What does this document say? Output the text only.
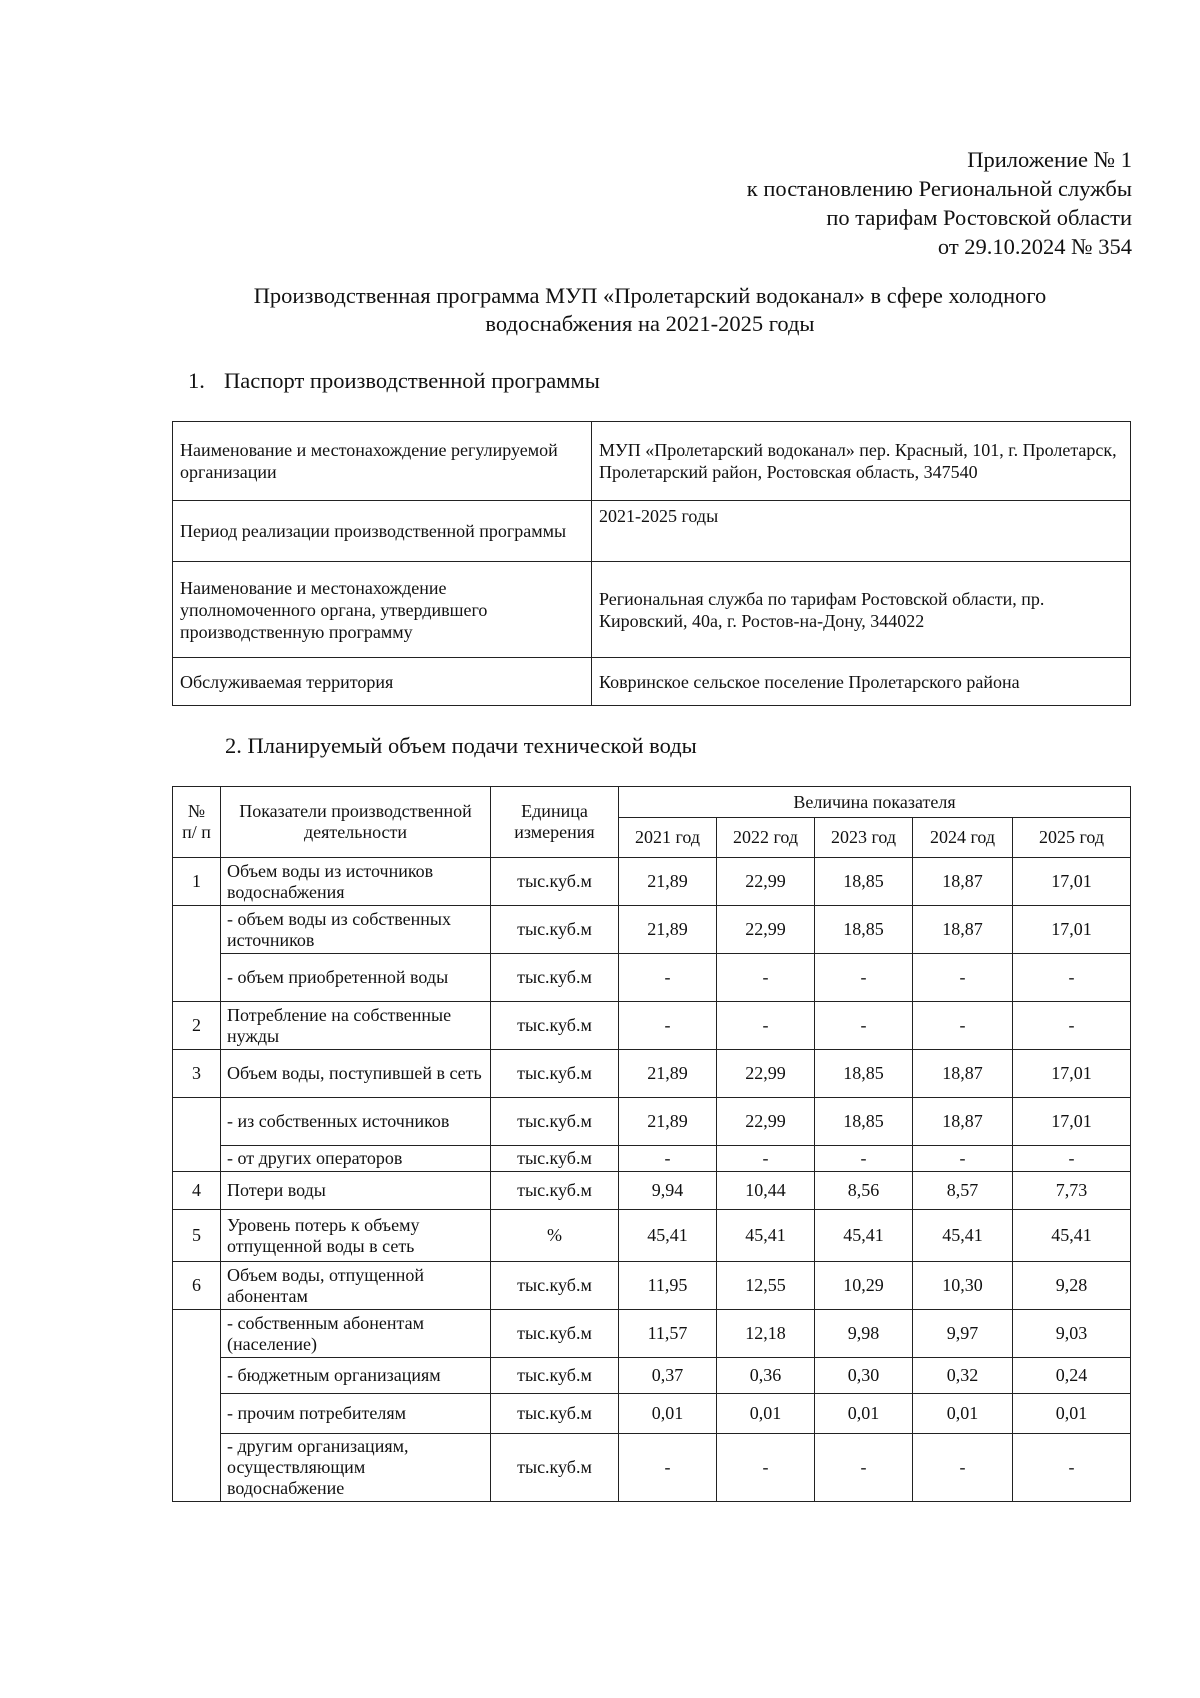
Приложение № 1
к постановлению Региональной службы
по тарифам Ростовской области
от 29.10.2024 № 354
Производственная программа МУП «Пролетарский водоканал» в сфере холодного
водоснабжения на 2021-2025 годы
1. Паспорт производственной программы
Наименование и местонахождение регулируемой организации	МУП «Пролетарский водоканал» пер. Красный, 101, г. Пролетарск, Пролетарский район, Ростовская область, 347540
Период реализации производственной программы	2021-2025 годы
Наименование и местонахождение уполномоченного органа, утвердившего производственную программу	Региональная служба по тарифам Ростовской области, пр. Кировский, 40а, г. Ростов-на-Дону, 344022
Обслуживаемая территория	Ковринское сельское поселение Пролетарского района
2. Планируемый объем подачи технической воды
№ п/ п	Показатели производственной деятельности	Единица измерения	Величина показателя				
			2021 год	2022 год	2023 год	2024 год	2025 год
1	Объем воды из источников водоснабжения	тыс.куб.м	21,89	22,99	18,85	18,87	17,01
	- объем воды из собственных источников	тыс.куб.м	21,89	22,99	18,85	18,87	17,01
	- объем приобретенной воды	тыс.куб.м	-	-	-	-	-
2	Потребление на собственные нужды	тыс.куб.м	-	-	-	-	-
3	Объем воды, поступившей в сеть	тыс.куб.м	21,89	22,99	18,85	18,87	17,01
	- из собственных источников	тыс.куб.м	21,89	22,99	18,85	18,87	17,01
	- от других операторов	тыс.куб.м	-	-	-	-	-
4	Потери воды	тыс.куб.м	9,94	10,44	8,56	8,57	7,73
5	Уровень потерь к объему отпущенной воды в сеть	%	45,41	45,41	45,41	45,41	45,41
6	Объем воды, отпущенной абонентам	тыс.куб.м	11,95	12,55	10,29	10,30	9,28
	- собственным абонентам (население)	тыс.куб.м	11,57	12,18	9,98	9,97	9,03
	- бюджетным организациям	тыс.куб.м	0,37	0,36	0,30	0,32	0,24
	- прочим потребителям	тыс.куб.м	0,01	0,01	0,01	0,01	0,01
	- другим организациям, осуществляющим водоснабжение	тыс.куб.м	-	-	-	-	-
